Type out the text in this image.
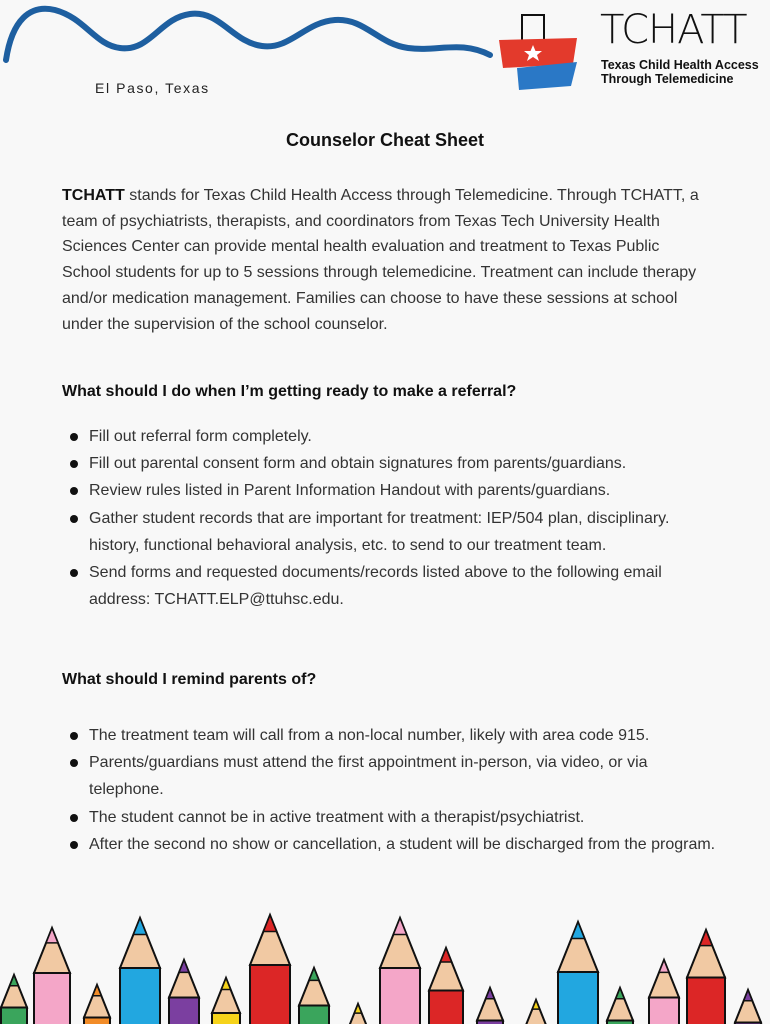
El Paso, Texas
TCHATT
Texas Child Health Access
Through Telemedicine
Counselor Cheat Sheet
TCHATT stands for Texas Child Health Access through Telemedicine. Through TCHATT, a team of psychiatrists, therapists, and coordinators from Texas Tech University Health Sciences Center can provide mental health evaluation and treatment to Texas Public School students for up to 5 sessions through telemedicine. Treatment can include therapy and/or medication management. Families can choose to have these sessions at school under the supervision of the school counselor.
What should I do when I’m getting ready to make a referral?
Fill out referral form completely.
Fill out parental consent form and obtain signatures from parents/guardians.
Review rules listed in Parent Information Handout with parents/guardians.
Gather student records that are important for treatment: IEP/504 plan, disciplinary. history, functional behavioral analysis, etc. to send to our treatment team.
Send forms and requested documents/records listed above to the following email address: TCHATT.ELP@ttuhsc.edu.
What should I remind parents of?
The treatment team will call from a non-local number, likely with area code 915.
Parents/guardians must attend the first appointment in-person, via video, or via telephone.
The student cannot be in active treatment with a therapist/psychiatrist.
After the second no show or cancellation, a student will be discharged from the program.
